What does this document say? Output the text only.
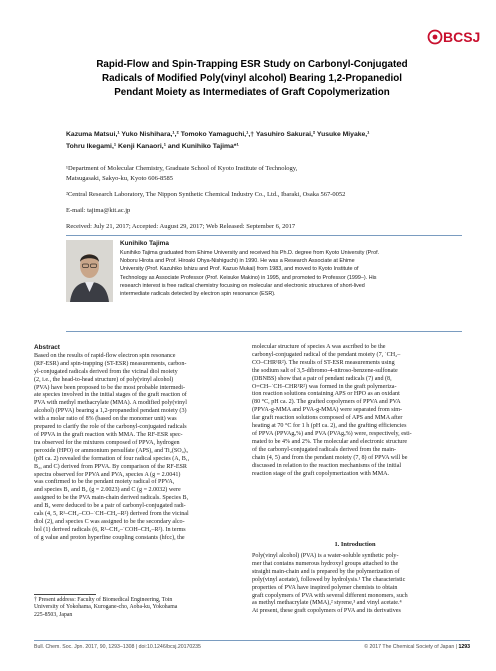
BCSJ
Rapid-Flow and Spin-Trapping ESR Study on Carbonyl-Conjugated
Radicals of Modified Poly(vinyl alcohol) Bearing 1,2-Propanediol
Pendant Moiety as Intermediates of Graft Copolymerization
Kazuma Matsui,¹ Yuko Nishihara,¹,² Tomoko Yamaguchi,¹,† Yasuhiro Sakurai,² Yusuke Miyake,¹
Tohru Ikegami,¹ Kenji Kanaori,¹ and Kunihiko Tajima*¹
¹Department of Molecular Chemistry, Graduate School of Kyoto Institute of Technology,
Matsugasaki, Sakyo-ku, Kyoto 606-8585
²Central Research Laboratory, The Nippon Synthetic Chemical Industry Co., Ltd., Ibaraki, Osaka 567-0052
E-mail: tajima@kit.ac.jp
Received: July 21, 2017; Accepted: August 29, 2017; Web Released: September 6, 2017
Kunihiko Tajima
Kunihiko Tajima graduated from Ehime University and received his Ph.D. degree from Kyoto University (Prof.
Noboru Hirota and Prof. Hiroaki Ohya-Nishiguchi) in 1990. He was a Research Associate at Ehime
University (Prof. Kazuhiko Ishizu and Prof. Kazuo Mukai) from 1983, and moved to Kyoto Institute of
Technology as Associate Professor (Prof. Keisuke Makino) in 1995, and promoted to Professor (1999–). His
research interest is free radical chemistry focusing on molecular and electronic structures of short-lived
intermediate radicals detected by electron spin resonance (ESR).
Abstract
Based on the results of rapid-flow electron spin resonance
(RF-ESR) and spin-trapping (ST-ESR) measurements, carbon-
yl-conjugated radicals derived from the vicinal diol moiety
(2, i.e., the head-to-head structure) of poly(vinyl alcohol)
(PVA) have been proposed to be the most probable intermedi-
ate species involved in the initial stages of the graft reaction of
PVA with methyl methacrylate (MMA). A modified poly(vinyl
alcohol) (PPVA) bearing a 1,2-propanediol pendant moiety (3)
with a molar ratio of 8% (based on the monomer unit) was
prepared to clarify the role of the carbonyl-conjugated radicals
of PPVA in the graft reaction with MMA. The RF-ESR spec-
tra observed for the mixtures composed of PPVA, hydrogen
peroxide (HPO) or ammonium persulfate (APS), and Ti₂(SO₄)₃
(pH ca. 2) revealed the formation of four radical species (A, B₁,
B₂, and C) derived from PPVA. By comparison of the RF-ESR
spectra observed for PPVA and PVA, species A (g = 2.0041)
was confirmed to be the pendant moiety radical of PPVA,
and species B₁ and B₂ (g = 2.0023) and C (g = 2.0032) were
assigned to be the PVA main-chain derived radicals. Species B₁
and B₂ were deduced to be a pair of carbonyl-conjugated radi-
cals (4, 5, R¹–CH₂–CO–˙CH–CH₂–R²) derived from the vicinal
diol (2), and species C was assigned to be the secondary alco-
hol (1) derived radicals (6, R¹–CH₂–˙COH–CH₂–R²). In terms
of g value and proton hyperfine coupling constants (hfcc), the
molecular structure of species A was ascribed to be the
carbonyl-conjugated radical of the pendant moiety (7, ˙CH₂–
CO–CHR¹R²). The results of ST-ESR measurements using
the sodium salt of 3,5-dibromo-4-nitroso-benzene-sulfonate
(DBNBS) show that a pair of pendant radicals (7) and (8,
O=CH–˙CH–CHR¹R²) was formed in the graft polymeriza-
tion reaction solutions containing APS or HPO as an oxidant
(80 °C, pH ca. 2). The grafted copolymers of PPVA and PVA
(PPVA-g-MMA and PVA-g-MMA) were separated from sim-
ilar graft reaction solutions composed of APS and MMA after
heating at 70 °C for 1 h (pH ca. 2), and the grafting efficiencies
of PPVA (PPVAgₑ%) and PVA (PVAgₑ%) were, respectively, esti-
mated to be 4% and 2%. The molecular and electronic structure
of the carbonyl-conjugated radicals derived from the main-
chain (4, 5) and from the pendant moiety (7, 8) of PPVA will be
discussed in relation to the reaction mechanisms of the initial
reaction stage of the graft copolymerization with MMA.
1. Introduction
Poly(vinyl alcohol) (PVA) is a water-soluble synthetic poly-
mer that contains numerous hydroxyl groups attached to the
straight main-chain and is prepared by the polymerization of
poly(vinyl acetate), followed by hydrolysis.¹ The characteristic
properties of PVA have inspired polymer chemists to obtain
graft copolymers of PVA with several different monomers, such
as methyl methacrylate (MMA),² styrene,³ and vinyl acetate.⁴
At present, these graft copolymers of PVA and its derivatives
† Present address: Faculty of Biomedical Engineering, Toin
University of Yokohama, Kurogane-cho, Aoba-ku, Yokohama
225-8503, Japan
Bull. Chem. Soc. Jpn. 2017, 90, 1293–1308 | doi:10.1246/bcsj.20170235	© 2017 The Chemical Society of Japan | 1293
